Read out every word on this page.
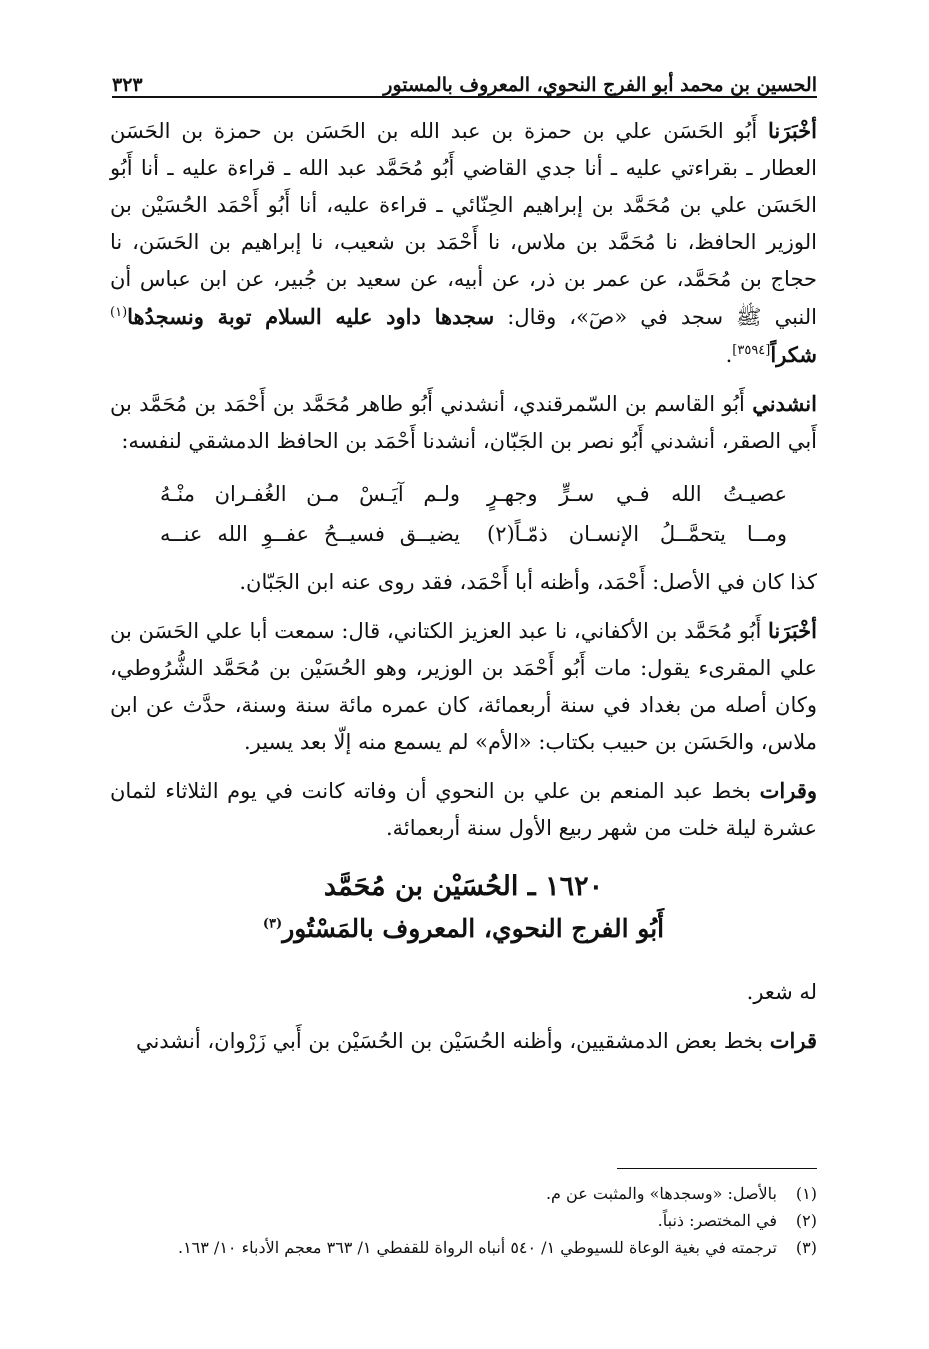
الحسين بن محمد أبو الفرج النحوي، المعروف بالمستور
٣٢٣

أخْبَرَنا أَبُو الحَسَن علي بن حمزة بن عبد الله بن الحَسَن بن حمزة بن الحَسَن العطار ـ بقراءتي عليه ـ أنا جدي القاضي أَبُو مُحَمَّد عبد الله ـ قراءة عليه ـ أنا أَبُو الحَسَن علي بن مُحَمَّد بن إبراهيم الحِنّائي ـ قراءة عليه، أنا أَبُو أَحْمَد الحُسَيْن بن الوزير الحافظ، نا مُحَمَّد بن ملاس، نا أَحْمَد بن شعيب، نا إبراهيم بن الحَسَن، نا حجاج بن مُحَمَّد، عن عمر بن ذر، عن أبيه، عن سعيد بن جُبير، عن ابن عباس أن النبي ﷺ سجد في «صٓ»، وقال: سجدها داود عليه السلام توبة ونسجدُها$^{(١)}$ شكراً[٣٥٩٤].

انشدني أَبُو القاسم بن السّمرقندي، أنشدني أَبُو طاهر مُحَمَّد بن أَحْمَد بن مُحَمَّد بن أَبي الصقر، أنشدني أَبُو نصر بن الجَبّان، أنشدنا أَحْمَد بن الحافظ الدمشقي لنفسه:

عصيـتُ الله فـي سـرٍّ وجهـرٍ
ولـم آيَـسْ مـن الغُفـران منْـهُ
ومــا يتحمَّــلُ الإنسـان ذمّـاً(٢)
يضيــق فسيــحُ عفــوِ الله عنــه

كذا كان في الأصل: أَحْمَد، وأظنه أبا أَحْمَد، فقد روى عنه ابن الجَبّان.

أخْبَرَنا أَبُو مُحَمَّد بن الأكفاني، نا عبد العزيز الكتاني، قال: سمعت أبا علي الحَسَن بن علي المقرىء يقول: مات أَبُو أَحْمَد بن الوزير، وهو الحُسَيْن بن مُحَمَّد الشُّرُوطي، وكان أصله من بغداد في سنة أربعمائة، كان عمره مائة سنة وسنة، حدَّث عن ابن ملاس، والحَسَن بن حبيب بكتاب: «الأم» لم يسمع منه إلّا بعد يسير.

وقرات بخط عبد المنعم بن علي بن النحوي أن وفاته كانت في يوم الثلاثاء لثمان عشرة ليلة خلت من شهر ربيع الأول سنة أربعمائة.

١٦٢٠ ـ الحُسَيْن بن مُحَمَّد
أَبُو الفرج النحوي، المعروف بالمَسْتُور$^{(٣)}$

له شعر.

قرات بخط بعض الدمشقيين، وأظنه الحُسَيْن بن الحُسَيْن بن أَبي زَرْوان، أنشدني

(١)
بالأصل: «وسجدها» والمثبت عن م.
(٢)
في المختصر: ذنباً.
(٣)
ترجمته في بغية الوعاة للسيوطي ١/ ٥٤٠ أنباه الرواة للقفطي ١/ ٣٦٣ معجم الأدباء ١٠/ ١٦٣.
